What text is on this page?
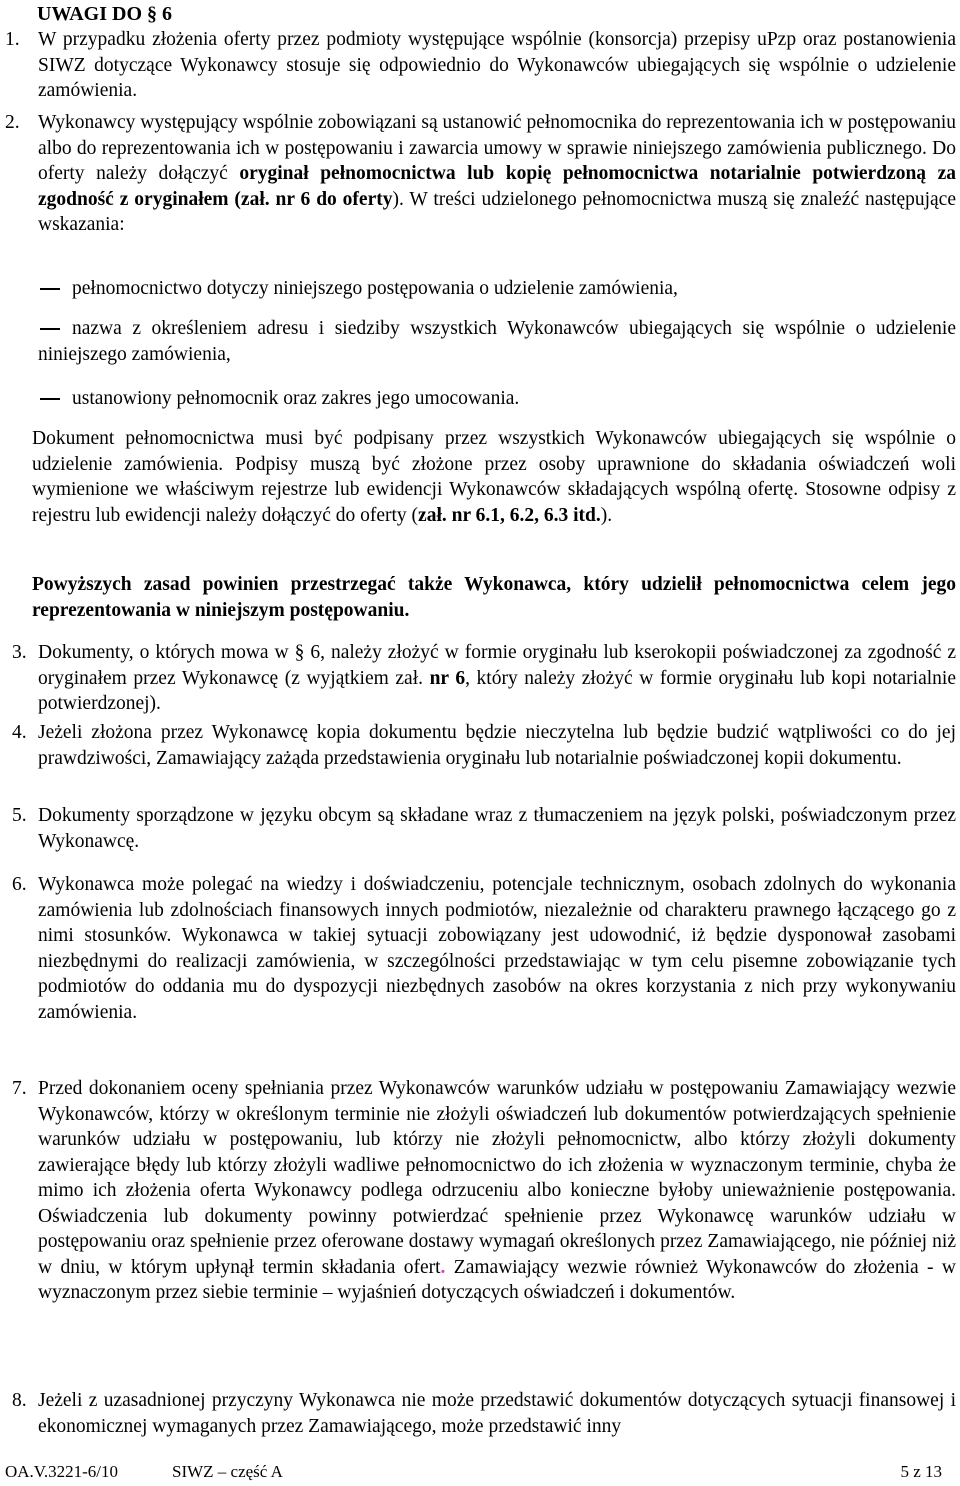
UWAGI DO § 6
1. W przypadku złożenia oferty przez podmioty występujące wspólnie (konsorcja) przepisy uPzp oraz postanowienia SIWZ dotyczące Wykonawcy stosuje się odpowiednio do Wykonawców ubiegających się wspólnie o udzielenie zamówienia.
2. Wykonawcy występujący wspólnie zobowiązani są ustanowić pełnomocnika do reprezentowania ich w postępowaniu albo do reprezentowania ich w postępowaniu i zawarcia umowy w sprawie niniejszego zamówienia publicznego. Do oferty należy dołączyć oryginał pełnomocnictwa lub kopię pełnomocnictwa notarialnie potwierdzoną za zgodność z oryginałem (zał. nr 6 do oferty). W treści udzielonego pełnomocnictwa muszą się znaleźć następujące wskazania:
pełnomocnictwo dotyczy niniejszego postępowania o udzielenie zamówienia,
nazwa z określeniem adresu i siedziby wszystkich Wykonawców ubiegających się wspólnie o udzielenie niniejszego zamówienia,
ustanowiony pełnomocnik oraz zakres jego umocowania.
Dokument pełnomocnictwa musi być podpisany przez wszystkich Wykonawców ubiegających się wspólnie o udzielenie zamówienia. Podpisy muszą być złożone przez osoby uprawnione do składania oświadczeń woli wymienione we właściwym rejestrze lub ewidencji Wykonawców składających wspólną ofertę. Stosowne odpisy z rejestru lub ewidencji należy dołączyć do oferty (zał. nr 6.1, 6.2, 6.3 itd.).
Powyższych zasad powinien przestrzegać także Wykonawca, który udzielił pełnomocnictwa celem jego reprezentowania w niniejszym postępowaniu.
3. Dokumenty, o których mowa w § 6, należy złożyć w formie oryginału lub kserokopii poświadczonej za zgodność z oryginałem przez Wykonawcę (z wyjątkiem zał. nr 6, który należy złożyć w formie oryginału lub kopi notarialnie potwierdzonej).
4. Jeżeli złożona przez Wykonawcę kopia dokumentu będzie nieczytelna lub będzie budzić wątpliwości co do jej prawdziwości, Zamawiający zażąda przedstawienia oryginału lub notarialnie poświadczonej kopii dokumentu.
5. Dokumenty sporządzone w języku obcym są składane wraz z tłumaczeniem na język polski, poświadczonym przez Wykonawcę.
6. Wykonawca może polegać na wiedzy i doświadczeniu, potencjale technicznym, osobach zdolnych do wykonania zamówienia lub zdolnościach finansowych innych podmiotów, niezależnie od charakteru prawnego łączącego go z nimi stosunków. Wykonawca w takiej sytuacji zobowiązany jest udowodnić, iż będzie dysponował zasobami niezbędnymi do realizacji zamówienia, w szczególności przedstawiając w tym celu pisemne zobowiązanie tych podmiotów do oddania mu do dyspozycji niezbędnych zasobów na okres korzystania z nich przy wykonywaniu zamówienia.
7. Przed dokonaniem oceny spełniania przez Wykonawców warunków udziału w postępowaniu Zamawiający wezwie Wykonawców, którzy w określonym terminie nie złożyli oświadczeń lub dokumentów potwierdzających spełnienie warunków udziału w postępowaniu, lub którzy nie złożyli pełnomocnictw, albo którzy złożyli dokumenty zawierające błędy lub którzy złożyli wadliwe pełnomocnictwo do ich złożenia w wyznaczonym terminie, chyba że mimo ich złożenia oferta Wykonawcy podlega odrzuceniu albo konieczne byłoby unieważnienie postępowania. Oświadczenia lub dokumenty powinny potwierdzać spełnienie przez Wykonawcę warunków udziału w postępowaniu oraz spełnienie przez oferowane dostawy wymagań określonych przez Zamawiającego, nie później niż w dniu, w którym upłynął termin składania ofert. Zamawiający wezwie również Wykonawców do złożenia - w wyznaczonym przez siebie terminie – wyjaśnień dotyczących oświadczeń i dokumentów.
8. Jeżeli z uzasadnionej przyczyny Wykonawca nie może przedstawić dokumentów dotyczących sytuacji finansowej i ekonomicznej wymaganych przez Zamawiającego, może przedstawić inny
OA.V.3221-6/10	SIWZ – część A	5 z 13
